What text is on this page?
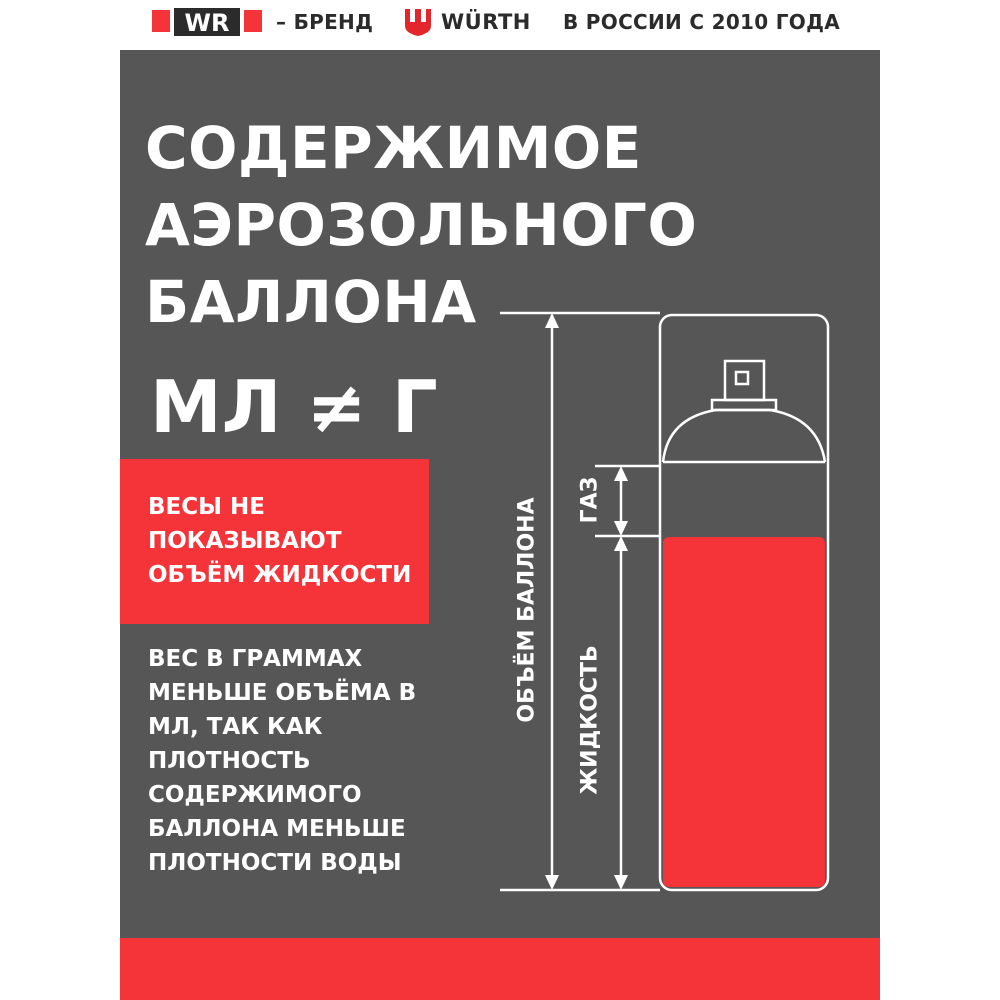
WR – БРЕНД	WÜRTH В РОССИИ С 2010 ГОДА
СОДЕРЖИМОЕ
АЭРОЗОЛЬНОГО
БАЛЛОНА
МЛ ≠ Г
ВЕСЫ НЕ
ПОКАЗЫВАЮТ
ОБЪЁМ ЖИДКОСТИ
ВЕС В ГРАММАХ
МЕНЬШЕ ОБЪЁМА В
МЛ, ТАК КАК
ПЛОТНОСТЬ
СОДЕРЖИМОГО
БАЛЛОНА МЕНЬШЕ
ПЛОТНОСТИ ВОДЫ
ОБЪЁМ БАЛЛОНА ГАЗ
ЖИДКОСТЬ
